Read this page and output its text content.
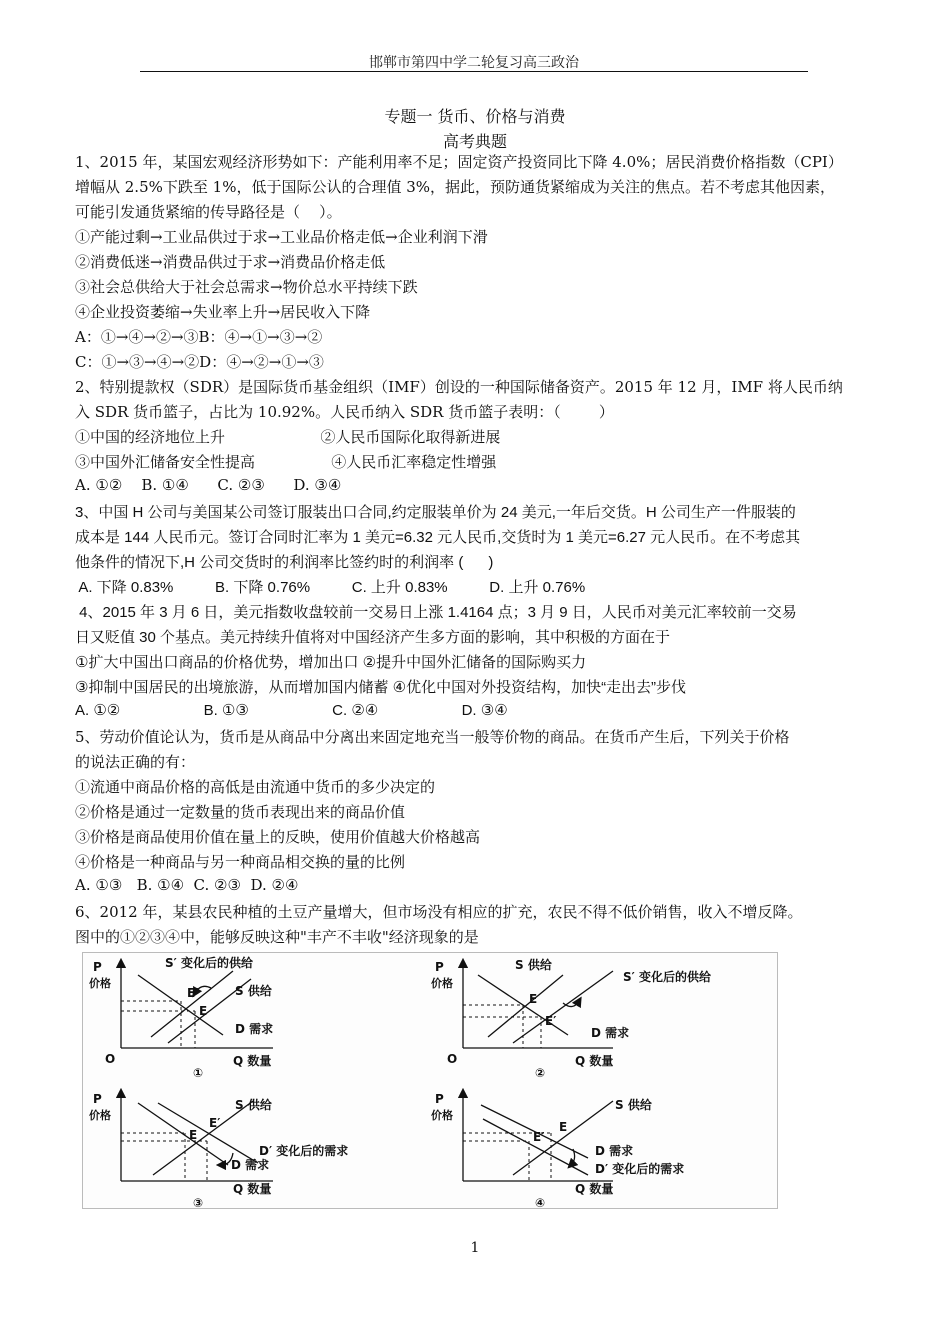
邯郸市第四中学二轮复习高三政治
专题一 货币、价格与消费
高考典题
1、2015 年，某国宏观经济形势如下：产能利用率不足；固定资产投资同比下降 4.0%；居民消费价格指数（CPI）
增幅从 2.5%下跌至 1%，低于国际公认的合理值 3%，据此，预防通货紧缩成为关注的焦点。若不考虑其他因素，
可能引发通货紧缩的传导路径是（    ）。
①产能过剩→工业品供过于求→工业品价格走低→企业利润下滑
②消费低迷→消费品供过于求→消费品价格走低
③社会总供给大于社会总需求→物价总水平持续下跌
④企业投资萎缩→失业率上升→居民收入下降
A：①→④→②→③B：④→①→③→②
C：①→③→④→②D：④→②→①→③
2、特别提款权（SDR）是国际货币基金组织（IMF）创设的一种国际储备资产。2015 年 12 月，IMF 将人民币纳
入 SDR 货币篮子，占比为 10.92%。人民币纳入 SDR 货币篮子表明：（        ）
①中国的经济地位上升                    ②人民币国际化取得新进展
③中国外汇储备安全性提高                ④人民币汇率稳定性增强
A. ①②    B. ①④      C. ②③      D. ③④
3、中国 H 公司与美国某公司签订服装出口合同,约定服装单价为 24 美元,一年后交货。H 公司生产一件服装的
成本是 144 人民币元。签订合同时汇率为 1 美元=6.32 元人民币,交货时为 1 美元=6.27 元人民币。在不考虑其
他条件的情况下,H 公司交货时的利润率比签约时的利润率 (      )
A. 下降 0.83%          B. 下降 0.76%          C. 上升 0.83%          D. 上升 0.76%
4、2015 年 3 月 6 日，美元指数收盘较前一交易日上涨 1.4164 点；3 月 9 日，人民币对美元汇率较前一交易
日又贬值 30 个基点。美元持续升值将对中国经济产生多方面的影响，其中积极的方面在于
①扩大中国出口商品的价格优势，增加出口 ②提升中国外汇储备的国际购买力
③抑制中国居民的出境旅游，从而增加国内储蓄 ④优化中国对外投资结构，加快“走出去”步伐
A. ①②                    B. ①③                    C. ②④                    D. ③④
5、劳动价值论认为，货币是从商品中分离出来固定地充当一般等价物的商品。在货币产生后，下列关于价格
的说法正确的有：
①流通中商品价格的高低是由流通中货币的多少决定的
②价格是通过一定数量的货币表现出来的商品价值
③价格是商品使用价值在量上的反映，使用价值越大价格越高
④价格是一种商品与另一种商品相交换的量的比例
A. ①③   B. ①④  C. ②③  D. ②④
6、2012 年，某县农民种植的土豆产量增大，但市场没有相应的扩充，农民不得不低价销售，收入不增反降。
图中的①②③④中，能够反映这种"丰产不丰收"经济现象的是
P
价格
O	Q 数量
S′ 变化后的供给
S 供给
D 需求
E′
E
①
P
价格
O	Q 数量
S 供给
S′ 变化后的供给
D 需求
E
E′
②
P
价格
Q 数量
S 供给
D′ 变化后的需求
D 需求
E′
E
③
P
价格
Q 数量
S 供给
D 需求
D′ 变化后的需求
E
E′
④
1
